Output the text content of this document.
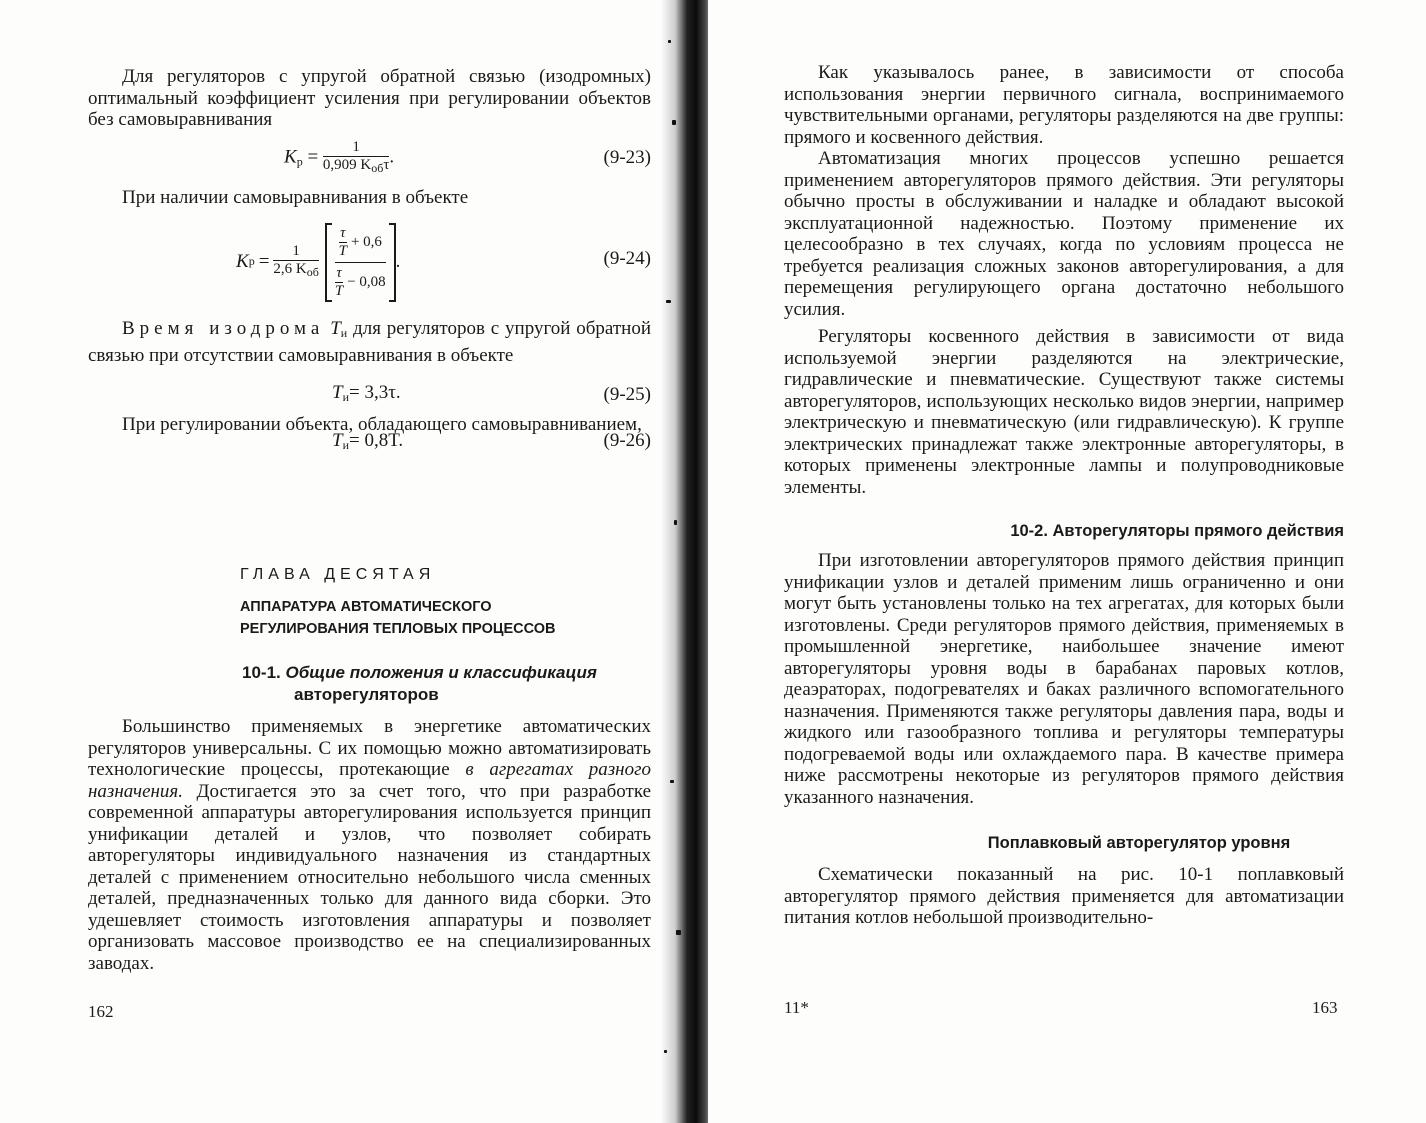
Для регуляторов с упругой обратной связью (изодромных) оптимальный коэффициент усиления при регулировании объектов без самовыравнивания

$K_p = \frac{1}{0,909 K_{об}\tau}$ .	(9-23)

При наличии самовыравнивания в объекте

K $p = \frac{1}{2,6 K_{об}}$
$\frac{\tau}{T} + 0,6$
$\frac{\tau}{T} - 0,08$
.	(9-24)

Время изодрома $T_и$ для регуляторов с упругой обратной связью при отсутствии самовыравнивания в объекте

$T_и= 3,3\tau$.	(9-25)

При регулировании объекта, обладающего самовыравниванием,

$T_и= 0,8T$.	(9-26)
ГЛАВА ДЕСЯТАЯ
АППАРАТУРА АВТОМАТИЧЕСКОГО
РЕГУЛИРОВАНИЯ ТЕПЛОВЫХ ПРОЦЕССОВ
10-1. Общие положения и классификация
авторегуляторов

Большинство применяемых в энергетике автоматических регуляторов универсальны. С их помощью можно автоматизировать технологические процессы, протекающие в агрегатах разного назначения. Достигается это за счет того, что при разработке современной аппаратуры авторегулирования используется принцип унификации деталей и узлов, что позволяет собирать авторегуляторы индивидуального назначения из стандартных деталей с применением относительно небольшого числа сменных деталей, предназначенных только для данного вида сборки. Это удешевляет стоимость изготовления аппаратуры и позволяет организовать массовое производство ее на специализированных заводах.

162

Как указывалось ранее, в зависимости от способа использования энергии первичного сигнала, воспринимаемого чувствительными органами, регуляторы разделяются на две группы: прямого и косвенного действия.

Автоматизация многих процессов успешно решается применением авторегуляторов прямого действия. Эти регуляторы обычно просты в обслуживании и наладке и обладают высокой эксплуатационной надежностью. Поэтому применение их целесообразно в тех случаях, когда по условиям процесса не требуется реализация сложных законов авторегулирования, а для перемещения регулирующего органа достаточно небольшого усилия.

Регуляторы косвенного действия в зависимости от вида используемой энергии разделяются на электрические, гидравлические и пневматические. Существуют также системы авторегуляторов, использующих несколько видов энергии, например электрическую и пневматическую (или гидравлическую). К группе электрических принадлежат также электронные авторегуляторы, в которых применены электронные лампы и полупроводниковые элементы.

10-2. Авторегуляторы прямого действия

При изготовлении авторегуляторов прямого действия принцип унификации узлов и деталей применим лишь ограниченно и они могут быть установлены только на тех агрегатах, для которых были изготовлены. Среди регуляторов прямого действия, применяемых в промышленной энергетике, наибольшее значение имеют авторегуляторы уровня воды в барабанах паровых котлов, деаэраторах, подогревателях и баках различного вспомогательного назначения. Применяются также регуляторы давления пара, воды и жидкого или газообразного топлива и регуляторы температуры подогреваемой воды или охлаждаемого пара. В качестве примера ниже рассмотрены некоторые из регуляторов прямого действия указанного назначения.

Поплавковый авторегулятор уровня

Схематически показанный на рис. 10-1 поплавковый авторегулятор прямого действия применяется для автоматизации питания котлов небольшой производительно-

11*	163
